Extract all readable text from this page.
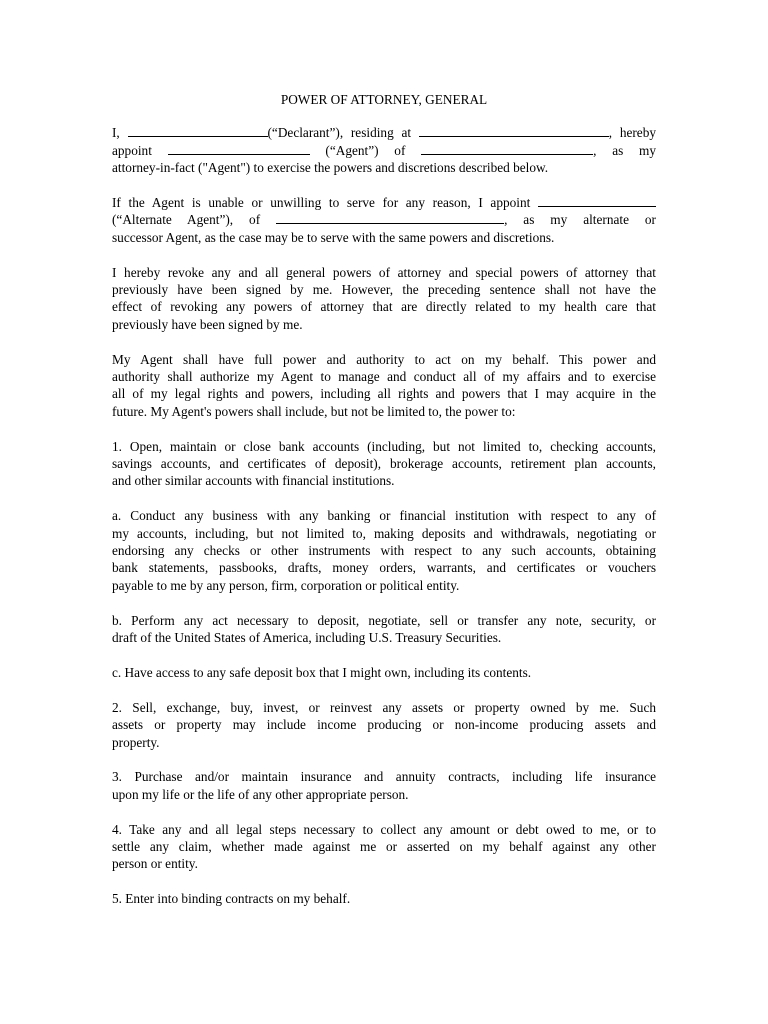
POWER OF ATTORNEY, GENERAL
I,	(“Declarant”), residing at	, hereby
appoint	(“Agent”) of	, as my
attorney-in-fact ("Agent") to exercise the powers and discretions described below.
If the Agent is unable or unwilling to serve for any reason, I appoint
(“Alternate Agent”), of	, as my alternate or
successor Agent, as the case may be to serve with the same powers and discretions.
I hereby revoke any and all general powers of attorney and special powers of attorney that
previously have been signed by me. However, the preceding sentence shall not have the
effect of revoking any powers of attorney that are directly related to my health care that
previously have been signed by me.
My Agent shall have full power and authority to act on my behalf. This power and
authority shall authorize my Agent to manage and conduct all of my affairs and to exercise
all of my legal rights and powers, including all rights and powers that I may acquire in the
future. My Agent's powers shall include, but not be limited to, the power to:
1. Open, maintain or close bank accounts (including, but not limited to, checking accounts,
savings accounts, and certificates of deposit), brokerage accounts, retirement plan accounts,
and other similar accounts with financial institutions.
a. Conduct any business with any banking or financial institution with respect to any of
my accounts, including, but not limited to, making deposits and withdrawals, negotiating or
endorsing any checks or other instruments with respect to any such accounts, obtaining
bank statements, passbooks, drafts, money orders, warrants, and certificates or vouchers
payable to me by any person, firm, corporation or political entity.
b. Perform any act necessary to deposit, negotiate, sell or transfer any note, security, or
draft of the United States of America, including U.S. Treasury Securities.
c. Have access to any safe deposit box that I might own, including its contents.
2. Sell, exchange, buy, invest, or reinvest any assets or property owned by me. Such
assets or property may include income producing or non-income producing assets and
property.
3. Purchase and/or maintain insurance and annuity contracts, including life insurance
upon my life or the life of any other appropriate person.
4. Take any and all legal steps necessary to collect any amount or debt owed to me, or to
settle any claim, whether made against me or asserted on my behalf against any other
person or entity.
5. Enter into binding contracts on my behalf.
